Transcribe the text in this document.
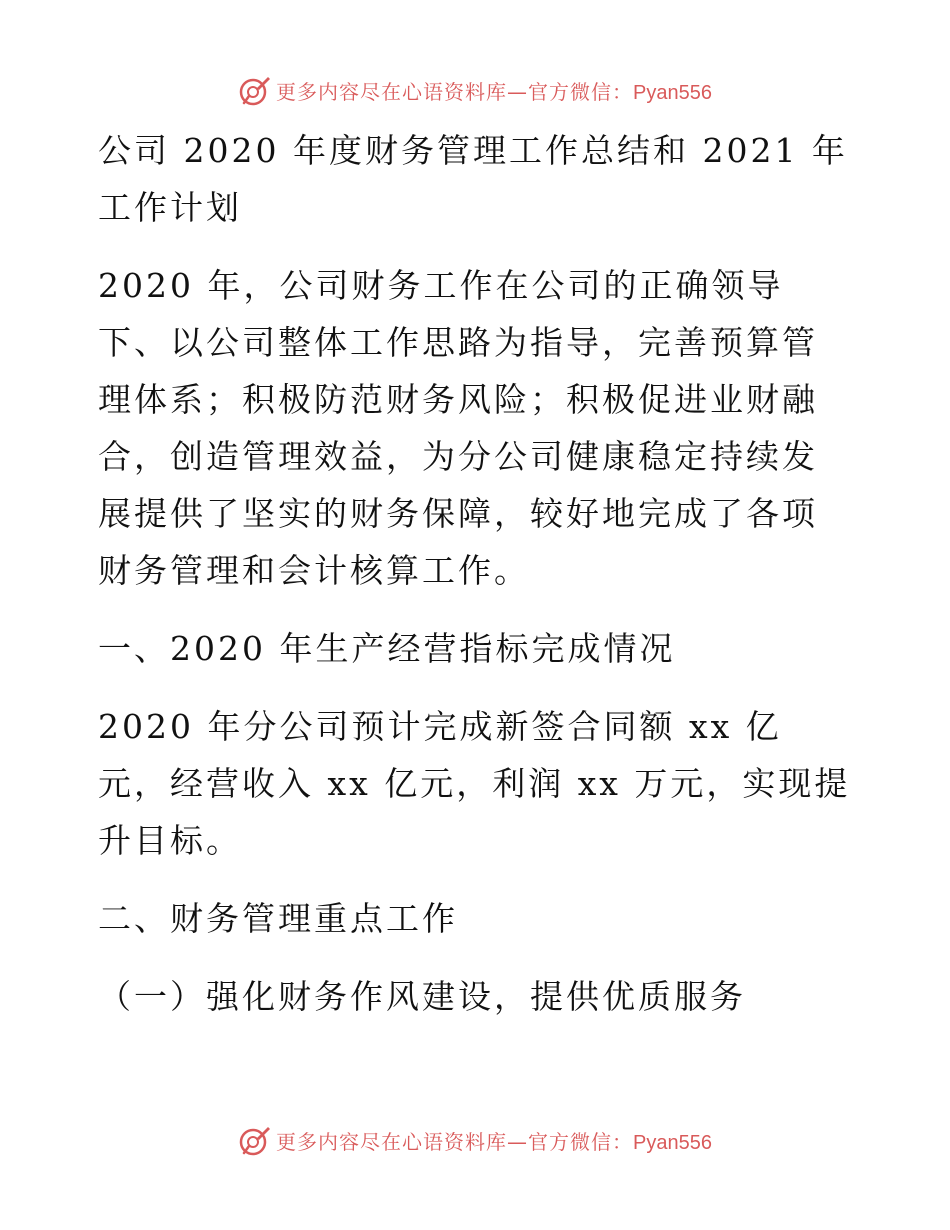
更多内容尽在心语资料库—官方微信：Pyan556

公司 2020 年度财务管理工作总结和 2021 年工作计划

2020 年，公司财务工作在公司的正确领导下、以公司整体工作思路为指导，完善预算管理体系；积极防范财务风险；积极促进业财融合，创造管理效益，为分公司健康稳定持续发展提供了坚实的财务保障，较好地完成了各项财务管理和会计核算工作。

一、2020 年生产经营指标完成情况

2020 年分公司预计完成新签合同额 xx 亿元，经营收入 xx 亿元，利润 xx 万元，实现提升目标。

二、财务管理重点工作

（一）强化财务作风建设，提供优质服务

更多内容尽在心语资料库—官方微信：Pyan556
